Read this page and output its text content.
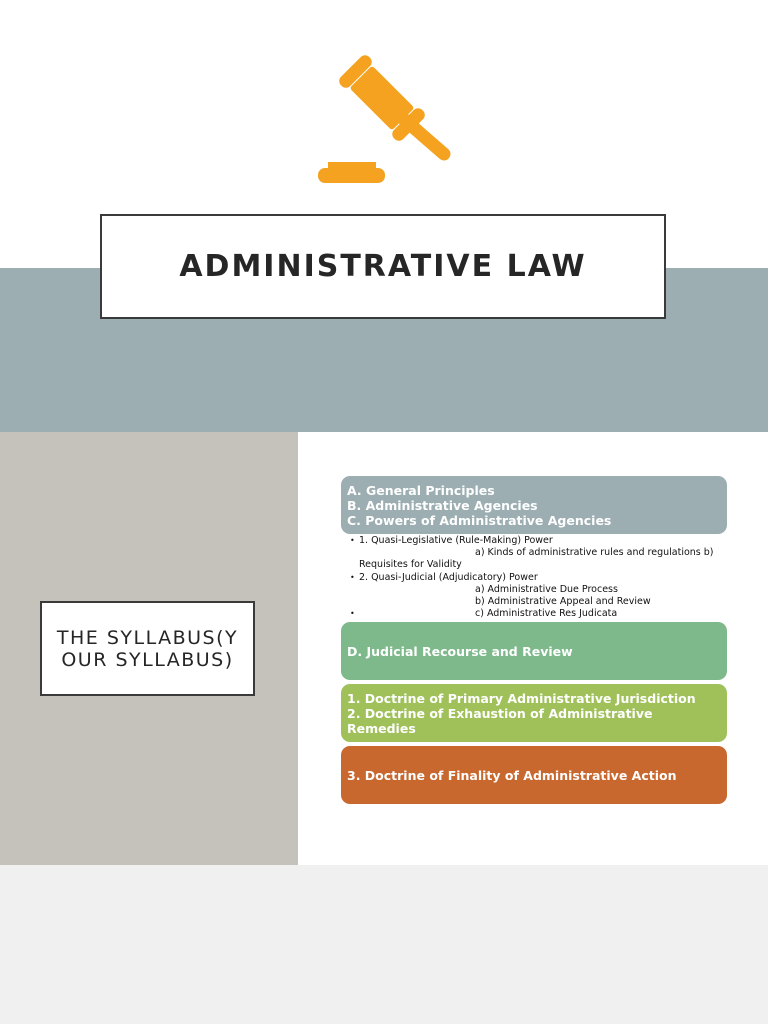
ADMINISTRATIVE LAW
THE SYLLABUS(YOUR SYLLABUS)
A. General Principles
B. Administrative Agencies
C. Powers of Administrative Agencies
• 1. Quasi-Legislative (Rule-Making) Power
a) Kinds of administrative rules and regulations b)
Requisites for Validity
• 2. Quasi-Judicial (Adjudicatory) Power
a) Administrative Due Process
b) Administrative Appeal and Review
•	c) Administrative Res Judicata
D. Judicial Recourse and Review
1. Doctrine of Primary Administrative Jurisdiction
2. Doctrine of Exhaustion of Administrative
Remedies
3. Doctrine of Finality of Administrative Action
